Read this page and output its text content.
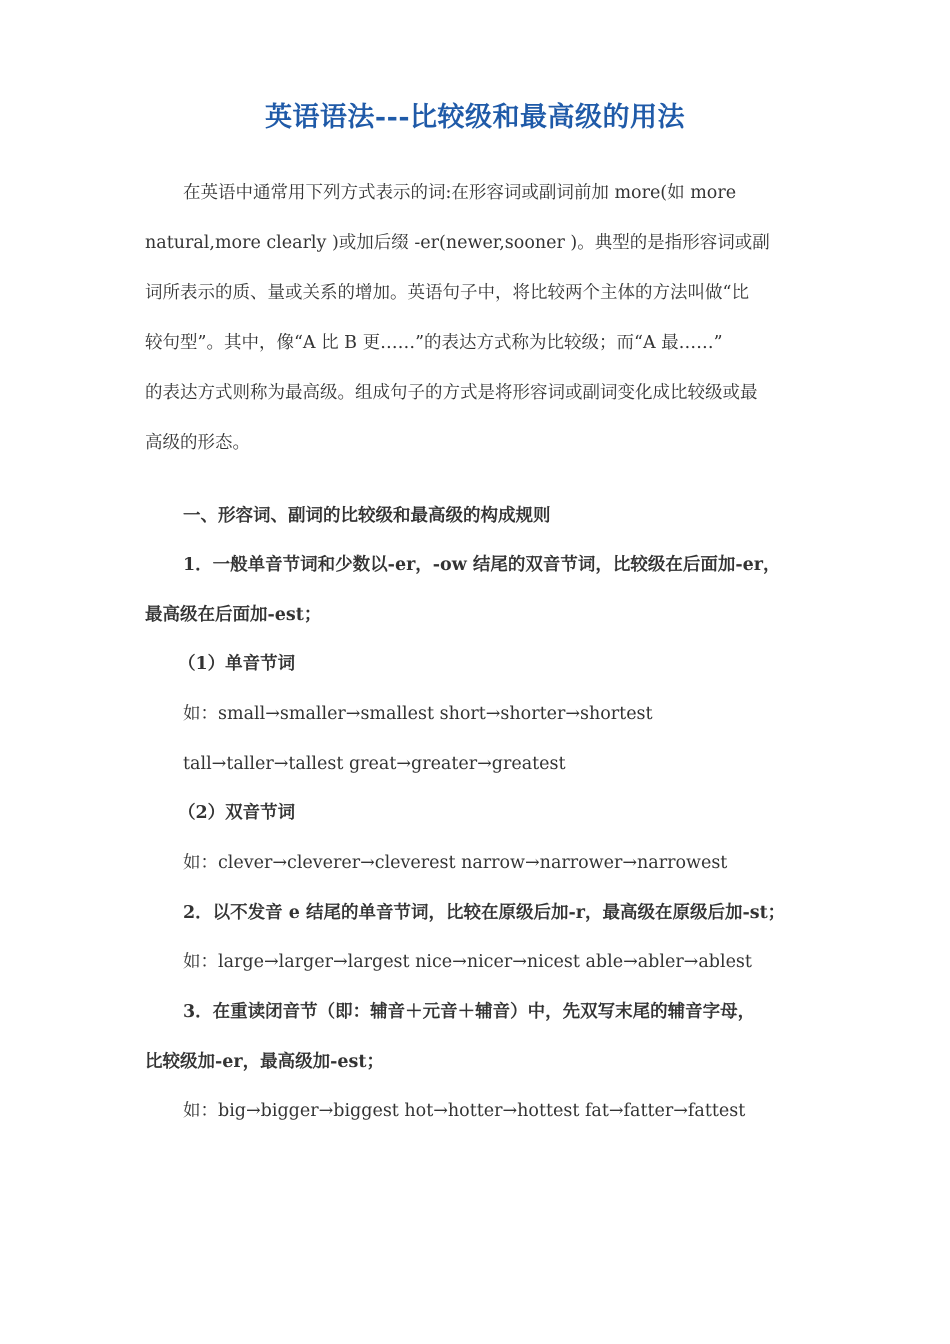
英语语法---比较级和最高级的用法
在英语中通常用下列方式表示的词:在形容词或副词前加 more(如 more
natural,more clearly )或加后缀 -er(newer,sooner )。典型的是指形容词或副
词所表示的质、量或关系的增加。英语句子中，将比较两个主体的方法叫做“比
较句型”。其中，像“A 比 B 更……”的表达方式称为比较级；而“A 最……”
的表达方式则称为最高级。组成句子的方式是将形容词或副词变化成比较级或最
高级的形态。
一、形容词、副词的比较级和最高级的构成规则
1．一般单音节词和少数以-er，-ow 结尾的双音节词，比较级在后面加-er，
最高级在后面加-est；
（1）单音节词
如：small→smaller→smallest short→shorter→shortest
tall→taller→tallest great→greater→greatest
（2）双音节词
如：clever→cleverer→cleverest narrow→narrower→narrowest
2．以不发音 e 结尾的单音节词，比较在原级后加-r，最高级在原级后加-st；
如：large→larger→largest nice→nicer→nicest able→abler→ablest
3．在重读闭音节（即：辅音＋元音＋辅音）中，先双写末尾的辅音字母，
比较级加-er，最高级加-est；
如：big→bigger→biggest hot→hotter→hottest fat→fatter→fattest
